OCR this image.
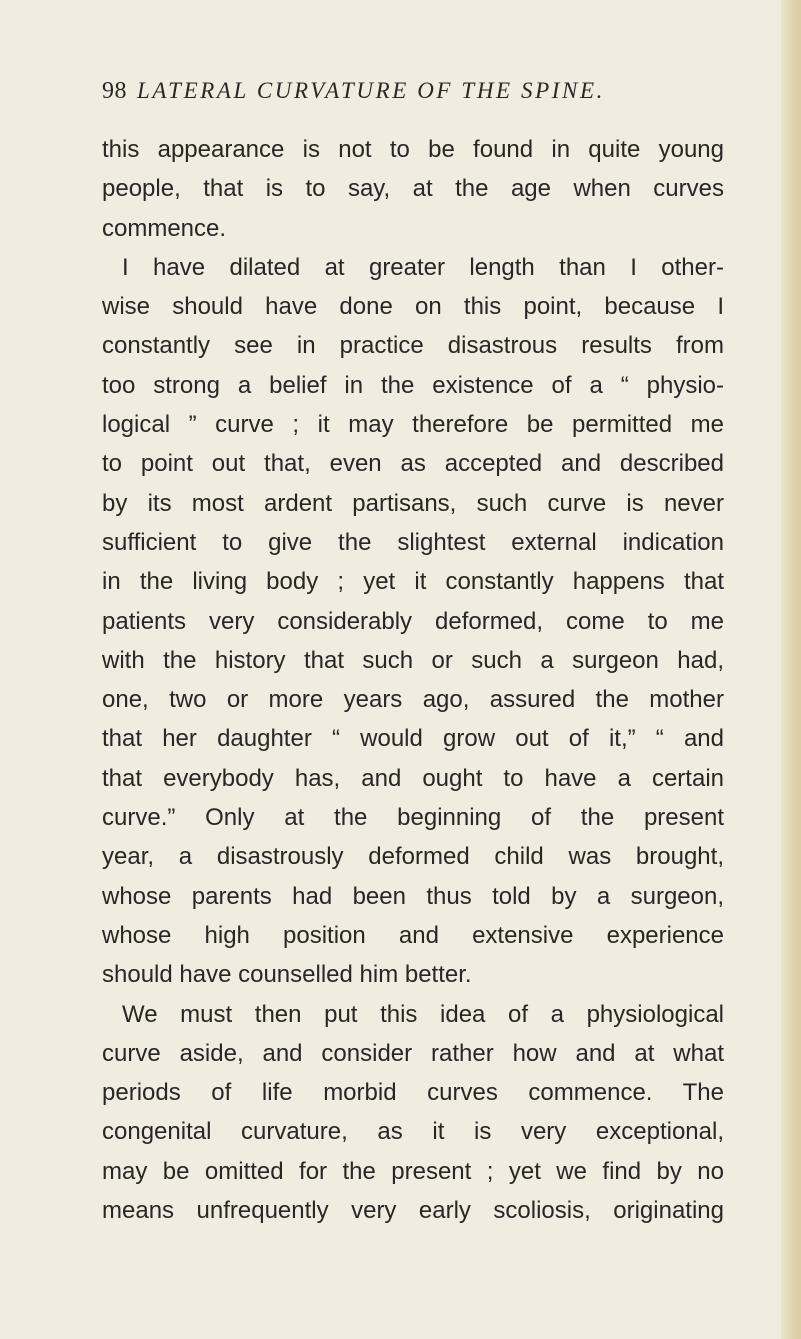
98 LATERAL CURVATURE OF THE SPINE.
this appearance is not to be found in quite young
people, that is to say, at the age when curves
commence.
I have dilated at greater length than I other-
wise should have done on this point, because I
constantly see in practice disastrous results from
too strong a belief in the existence of a “ physio-
logical ” curve ; it may therefore be permitted me
to point out that, even as accepted and described
by its most ardent partisans, such curve is never
sufficient to give the slightest external indication
in the living body ; yet it constantly happens that
patients very considerably deformed, come to me
with the history that such or such a surgeon had,
one, two or more years ago, assured the mother
that her daughter “ would grow out of it,” “ and
that everybody has, and ought to have a certain
curve.” Only at the beginning of the present
year, a disastrously deformed child was brought,
whose parents had been thus told by a surgeon,
whose high position and extensive experience
should have counselled him better.
We must then put this idea of a physiological
curve aside, and consider rather how and at what
periods of life morbid curves commence. The
congenital curvature, as it is very exceptional,
may be omitted for the present ; yet we find by no
means unfrequently very early scoliosis, originating
